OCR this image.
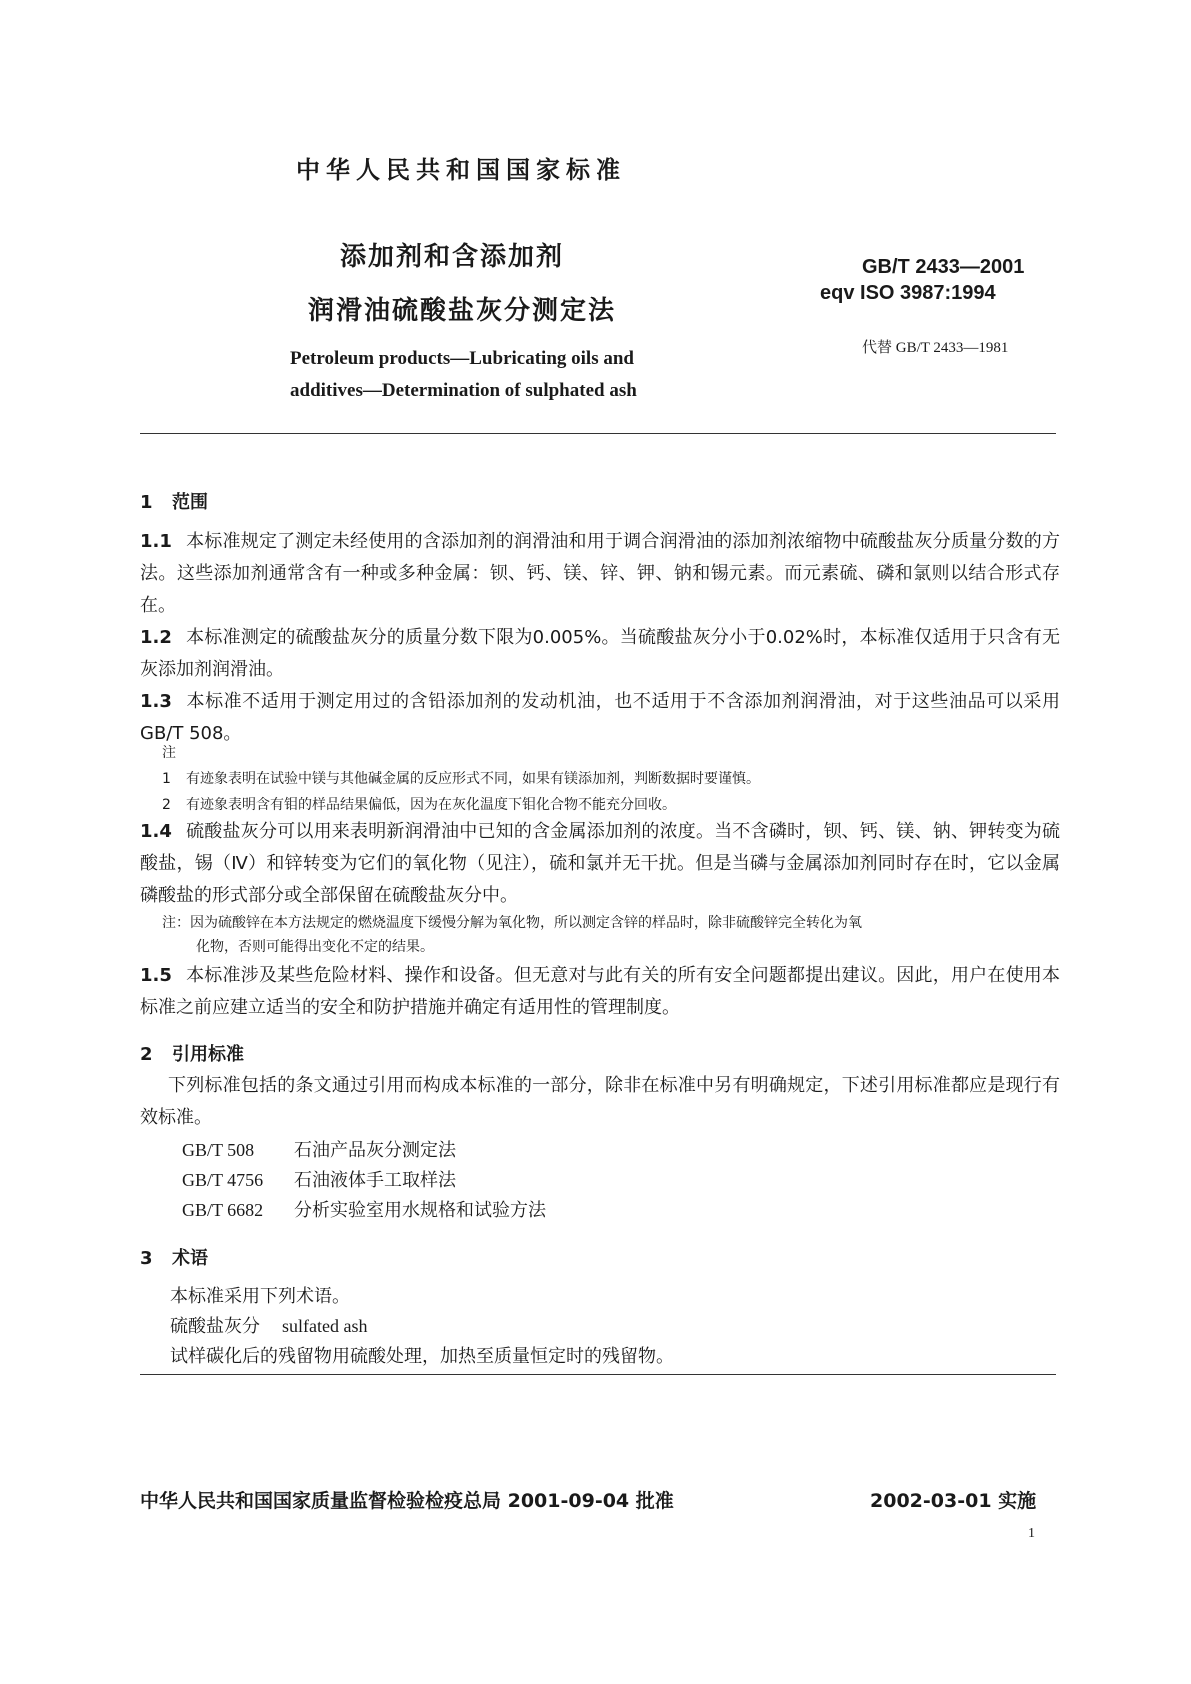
中华人民共和国国家标准
添加剂和含添加剂
润滑油硫酸盐灰分测定法
GB/T 2433—2001
eqv ISO 3987:1994
代替 GB/T 2433—1981
Petroleum products—Lubricating oils and
additives—Determination of sulphated ash
1 范围
1.1 本标准规定了测定未经使用的含添加剂的润滑油和用于调合润滑油的添加剂浓缩物中硫酸盐灰分质量分数的方法。这些添加剂通常含有一种或多种金属：钡、钙、镁、锌、钾、钠和锡元素。而元素硫、磷和氯则以结合形式存在。
1.2 本标准测定的硫酸盐灰分的质量分数下限为0.005%。当硫酸盐灰分小于0.02%时，本标准仅适用于只含有无灰添加剂润滑油。
1.3 本标准不适用于测定用过的含铅添加剂的发动机油，也不适用于不含添加剂润滑油，对于这些油品可以采用GB/T 508。
注
1 有迹象表明在试验中镁与其他碱金属的反应形式不同，如果有镁添加剂，判断数据时要谨慎。
2 有迹象表明含有钼的样品结果偏低，因为在灰化温度下钼化合物不能充分回收。
1.4 硫酸盐灰分可以用来表明新润滑油中已知的含金属添加剂的浓度。当不含磷时，钡、钙、镁、钠、钾转变为硫酸盐，锡（Ⅳ）和锌转变为它们的氧化物（见注），硫和氯并无干扰。但是当磷与金属添加剂同时存在时，它以金属磷酸盐的形式部分或全部保留在硫酸盐灰分中。
注：因为硫酸锌在本方法规定的燃烧温度下缓慢分解为氧化物，所以测定含锌的样品时，除非硫酸锌完全转化为氧
化物，否则可能得出变化不定的结果。
1.5 本标准涉及某些危险材料、操作和设备。但无意对与此有关的所有安全问题都提出建议。因此，用户在使用本标准之前应建立适当的安全和防护措施并确定有适用性的管理制度。
2 引用标准
下列标准包括的条文通过引用而构成本标准的一部分，除非在标准中另有明确规定，下述引用标准都应是现行有效标准。
GB/T 508 石油产品灰分测定法
GB/T 4756 石油液体手工取样法
GB/T 6682 分析实验室用水规格和试验方法
3 术语
本标准采用下列术语。
硫酸盐灰分 sulfated ash
试样碳化后的残留物用硫酸处理，加热至质量恒定时的残留物。
中华人民共和国国家质量监督检验检疫总局 2001-09-04 批准	2002-03-01 实施
1
